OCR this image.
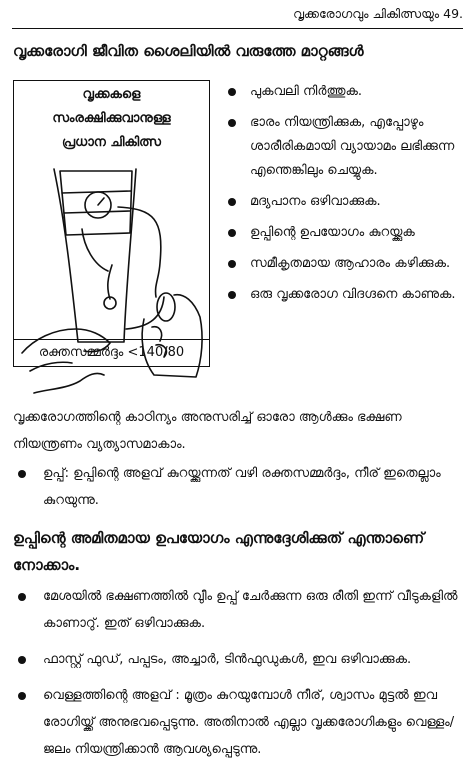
വൃക്കരോഗവും ചികിത്സയും 49.
വൃക്കരോഗി ജീവിത ശൈലിയിൽ വരുത്തേ മാറ്റങ്ങൾ
വൃക്കകളെ
സംരക്ഷിക്കുവാനുള്ള
പ്രധാന ചികിത്സ
രക്തസമ്മർദ്ദം <140/80
പുകവലി നിർത്തുക.
ഭാരം നിയന്ത്രിക്കുക, എപ്പോഴും ശാരീരികമായി വ്യായാമം ലഭിക്കുന്ന എന്തെങ്കിലും ചെയ്യുക.
മദ്യപാനം ഒഴിവാക്കുക.
ഉപ്പിന്റെ ഉപയോഗം കുറയ്ക്കുക
സമീകൃതമായ ആഹാരം കഴിക്കുക.
ഒരു വൃക്കരോഗ വിദഗ്ദനെ കാണുക.
വൃക്കരോഗത്തിന്റെ കാഠിന്യം അനുസരിച്ച് ഓരോ ആൾക്കും ഭക്ഷണ നിയന്ത്രണം വ്യത്യാസമാകാം.
ഉപ്പ്: ഉപ്പിന്റെ അളവ് കുറയ്ക്കുന്നത് വഴി രക്തസമ്മർദ്ദം, നീര് ഇതെല്ലാം കുറയുന്നു.
ഉപ്പിന്റെ അമിതമായ ഉപയോഗം എന്നുദ്ദേശിക്കുത് എന്താണെ് നോക്കാം.
മേശയിൽ ഭക്ഷണത്തിൽ വീും ഉപ്പ് ചേർക്കുന്ന ഒരു രീതി ഇന്ന് വീടുകളിൽ കാണാറു്. ഇത് ഒഴിവാക്കുക.
ഫാസ്റ്റ് ഫുഡ്, പപ്പടം, അച്ചാർ, ടിൻഫുഡുകൾ, ഇവ ഒഴിവാക്കുക.
വെള്ളത്തിന്റെ അളവ് : മൂത്രം കുറയുമ്പോൾ നീര്, ശ്വാസം മുട്ടൽ ഇവ രോഗിയ്ക്ക് അനുഭവപ്പെടുന്നു. അതിനാൽ എല്ലാ വൃക്കരോഗികളും വെള്ളം/ജലം നിയന്ത്രിക്കാൻ ആവശ്യപ്പെടുന്നു.
